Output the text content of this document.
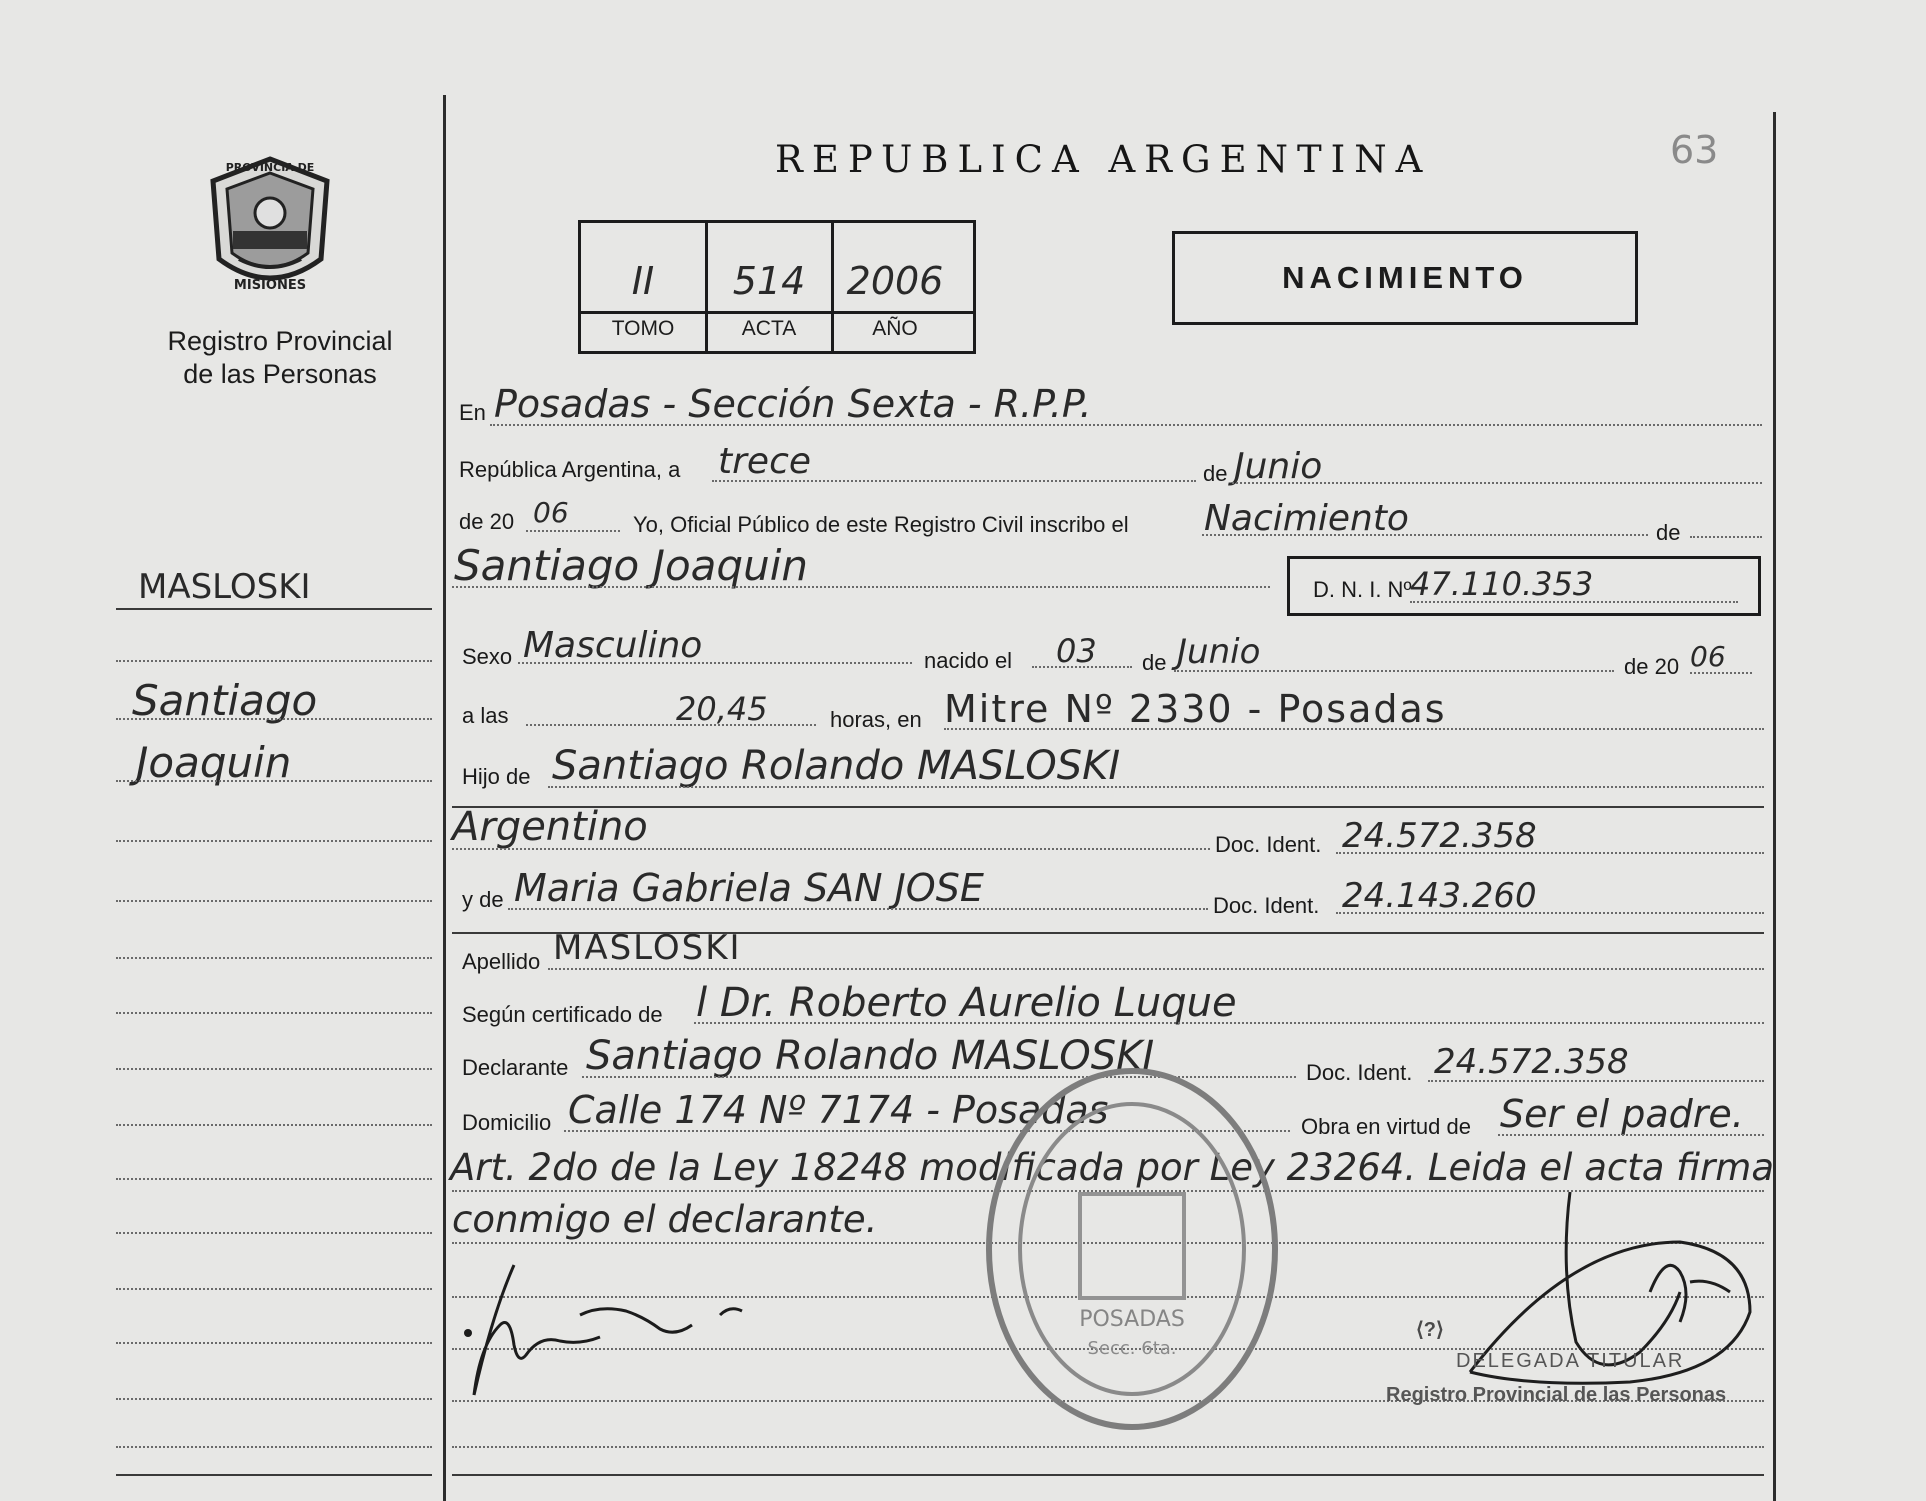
63
REPUBLICA ARGENTINA
PROVINCIA DE
MISIONES
Registro Provincial
de las Personas
II	514	2006
TOMO	ACTA	AÑO
NACIMIENTO
MASLOSKI
Santiago
Joaquin
En Posadas - Sección Sexta - R.P.P.
República Argentina, a trece	de Junio
de 20 06	Yo, Oficial Público de este Registro Civil inscribo el Nacimiento	de
Santiago Joaquin	D. N. I. Nº
47.110.353
Sexo Masculino	nacido el 03 de Junio	de 20 06
a las	20,45	horas, en Mitre Nº 2330 - Posadas
Hijo de Santiago Rolando MASLOSKI
Argentino	Doc. Ident. 24.572.358
y de Maria Gabriela SAN JOSE	Doc. Ident. 24.143.260
Apellido MASLOSKI
Según certificado de l Dr. Roberto Aurelio Luque
Declarante Santiago Rolando MASLOSKI	Doc. Ident. 24.572.358
Domicilio Calle 174 Nº 7174 - Posadas	Obra en virtud de Ser el padre.
Art. 2do de la Ley 18248 modificada por Ley 23264. Leida el acta firma
conmigo el declarante.
POSADAS
Secc. 6ta.
⟨?⟩
DELEGADA TITULAR
Registro Provincial de las Personas
